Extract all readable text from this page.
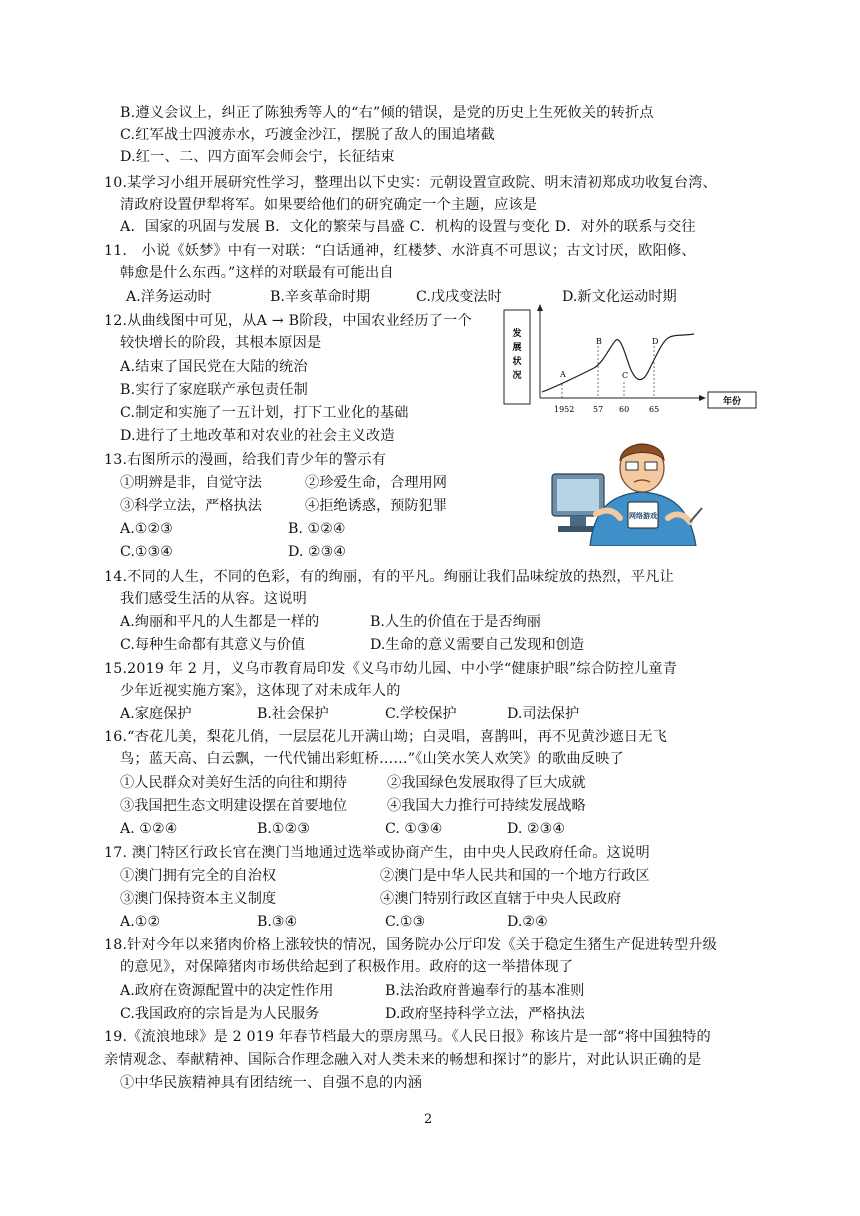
B.遵义会议上，纠正了陈独秀等人的“右”倾的错误，是党的历史上生死攸关的转折点
C.红军战士四渡赤水，巧渡金沙江，摆脱了敌人的围追堵截
D.红一、二、四方面军会师会宁，长征结束
10.某学习小组开展研究性学习，整理出以下史实：元朝设置宣政院、明末清初郑成功收复台湾、
清政府设置伊犁将军。如果要给他们的研究确定一个主题，应该是
A．国家的巩固与发展 B．文化的繁荣与昌盛 C．机构的设置与变化 D．对外的联系与交往
11． 小说《妖梦》中有一对联：“白话通神，红楼梦、水浒真不可思议；古文讨厌，欧阳修、
韩愈是什么东西。”这样的对联最有可能出自
A.洋务运动时	B.辛亥革命时期	C.戊戌变法时	D.新文化运动时期
12.从曲线图中可见，从A → B阶段，中国农业经历了一个
较快增长的阶段，其根本原因是
A.结束了国民党在大陆的统治
B.实行了家庭联产承包责任制
C.制定和实施了一五计划，打下工业化的基础
D.进行了土地改革和对农业的社会主义改造
发
展
状
况
年份
A
B
C
D
1952 57 60 65
13.右图所示的漫画，给我们青少年的警示有
①明辨是非，自觉守法	②珍爱生命，合理用网
③科学立法，严格执法	④拒绝诱惑，预防犯罪
A.①②③	B. ①②④
C.①③④	D. ②③④
网络游戏
14.不同的人生，不同的色彩，有的绚丽，有的平凡。绚丽让我们品味绽放的热烈，平凡让
我们感受生活的从容。这说明
A.绚丽和平凡的人生都是一样的	B.人生的价值在于是否绚丽
C.每种生命都有其意义与价值	D.生命的意义需要自己发现和创造
15.2019 年 2 月，义乌市教育局印发《义乌市幼儿园、中小学“健康护眼”综合防控儿童青
少年近视实施方案》，这体现了对未成年人的
A.家庭保护	B.社会保护	C.学校保护	D.司法保护
16.“杏花儿美，梨花儿俏，一层层花儿开满山坳；白灵唱，喜鹊叫，再不见黄沙遮日无飞
鸟；蓝天高、白云飘，一代代铺出彩虹桥……”《山笑水笑人欢笑》的歌曲反映了
①人民群众对美好生活的向往和期待	②我国绿色发展取得了巨大成就
③我国把生态文明建设摆在首要地位	④我国大力推行可持续发展战略
A. ①②④	B.①②③	C. ①③④	D. ②③④
17. 澳门特区行政长官在澳门当地通过选举或协商产生，由中央人民政府任命。这说明
①澳门拥有完全的自治权	②澳门是中华人民共和国的一个地方行政区
③澳门保持资本主义制度	④澳门特别行政区直辖于中央人民政府
A.①②	B.③④	C.①③	D.②④
18.针对今年以来猪肉价格上涨较快的情况，国务院办公厅印发《关于稳定生猪生产促进转型升级
的意见》，对保障猪肉市场供给起到了积极作用。政府的这一举措体现了
A.政府在资源配置中的决定性作用	B.法治政府普遍奉行的基本准则
C.我国政府的宗旨是为人民服务	D.政府坚持科学立法，严格执法
19.《流浪地球》是 2 019 年春节档最大的票房黑马。《人民日报》称该片是一部“将中国独特的
亲情观念、奉献精神、国际合作理念融入对人类未来的畅想和探讨”的影片，对此认识正确的是
①中华民族精神具有团结统一、自强不息的内涵
2
